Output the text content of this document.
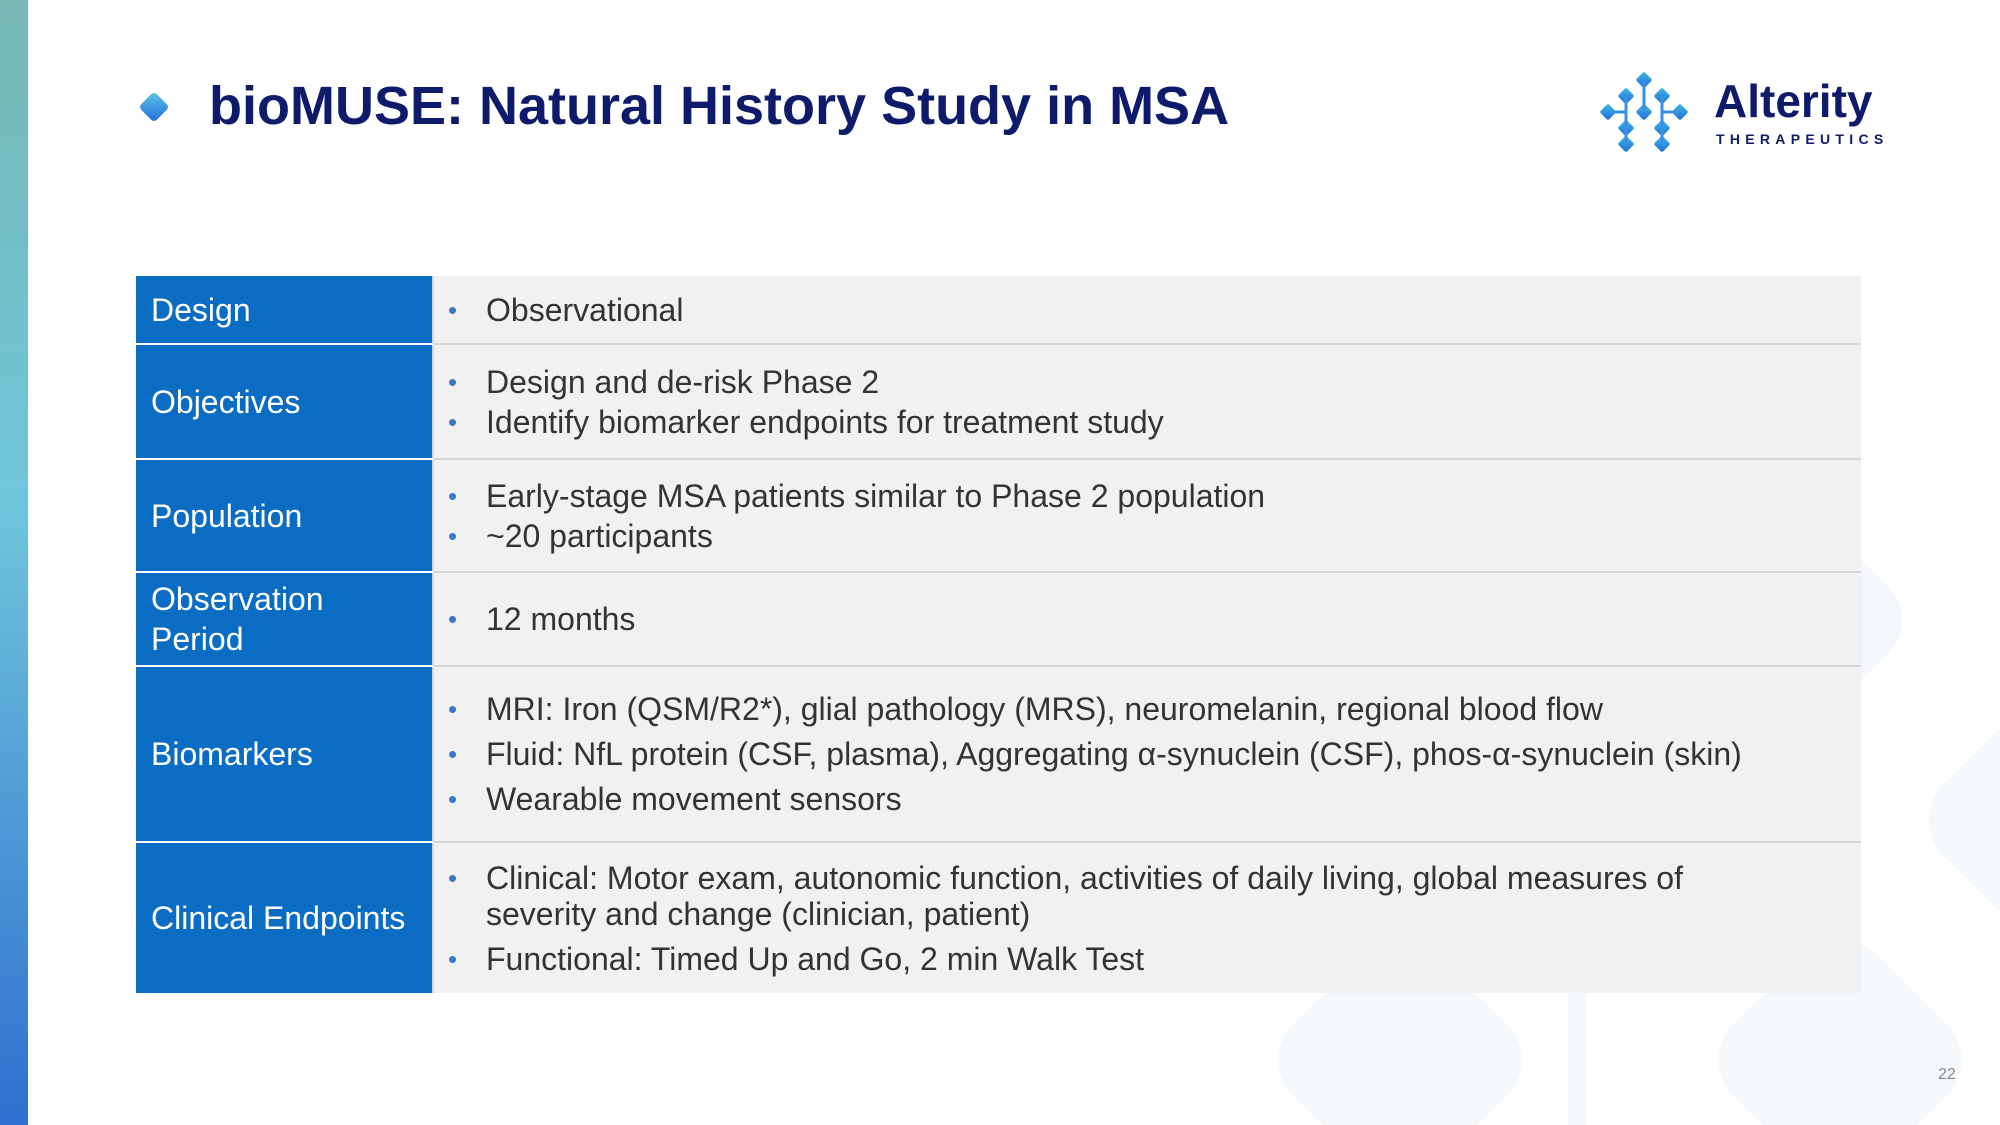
bioMUSE: Natural History Study in MSA	Alterity
THERAPEUTICS
Design	• Observational
Objectives
• Design and de-risk Phase 2
• Identify biomarker endpoints for treatment study
Population
• Early-stage MSA patients similar to Phase 2 population
• ~20 participants
Observation Period
• 12 months
Biomarkers
• MRI: Iron (QSM/R2*), glial pathology (MRS), neuromelanin, regional blood flow
• Fluid: NfL protein (CSF, plasma), Aggregating α-synuclein (CSF), phos-α-synuclein (skin)
• Wearable movement sensors
Clinical Endpoints
• Clinical: Motor exam, autonomic function, activities of daily living, global measures of severity and change (clinician, patient)
• Functional: Timed Up and Go, 2 min Walk Test
22
